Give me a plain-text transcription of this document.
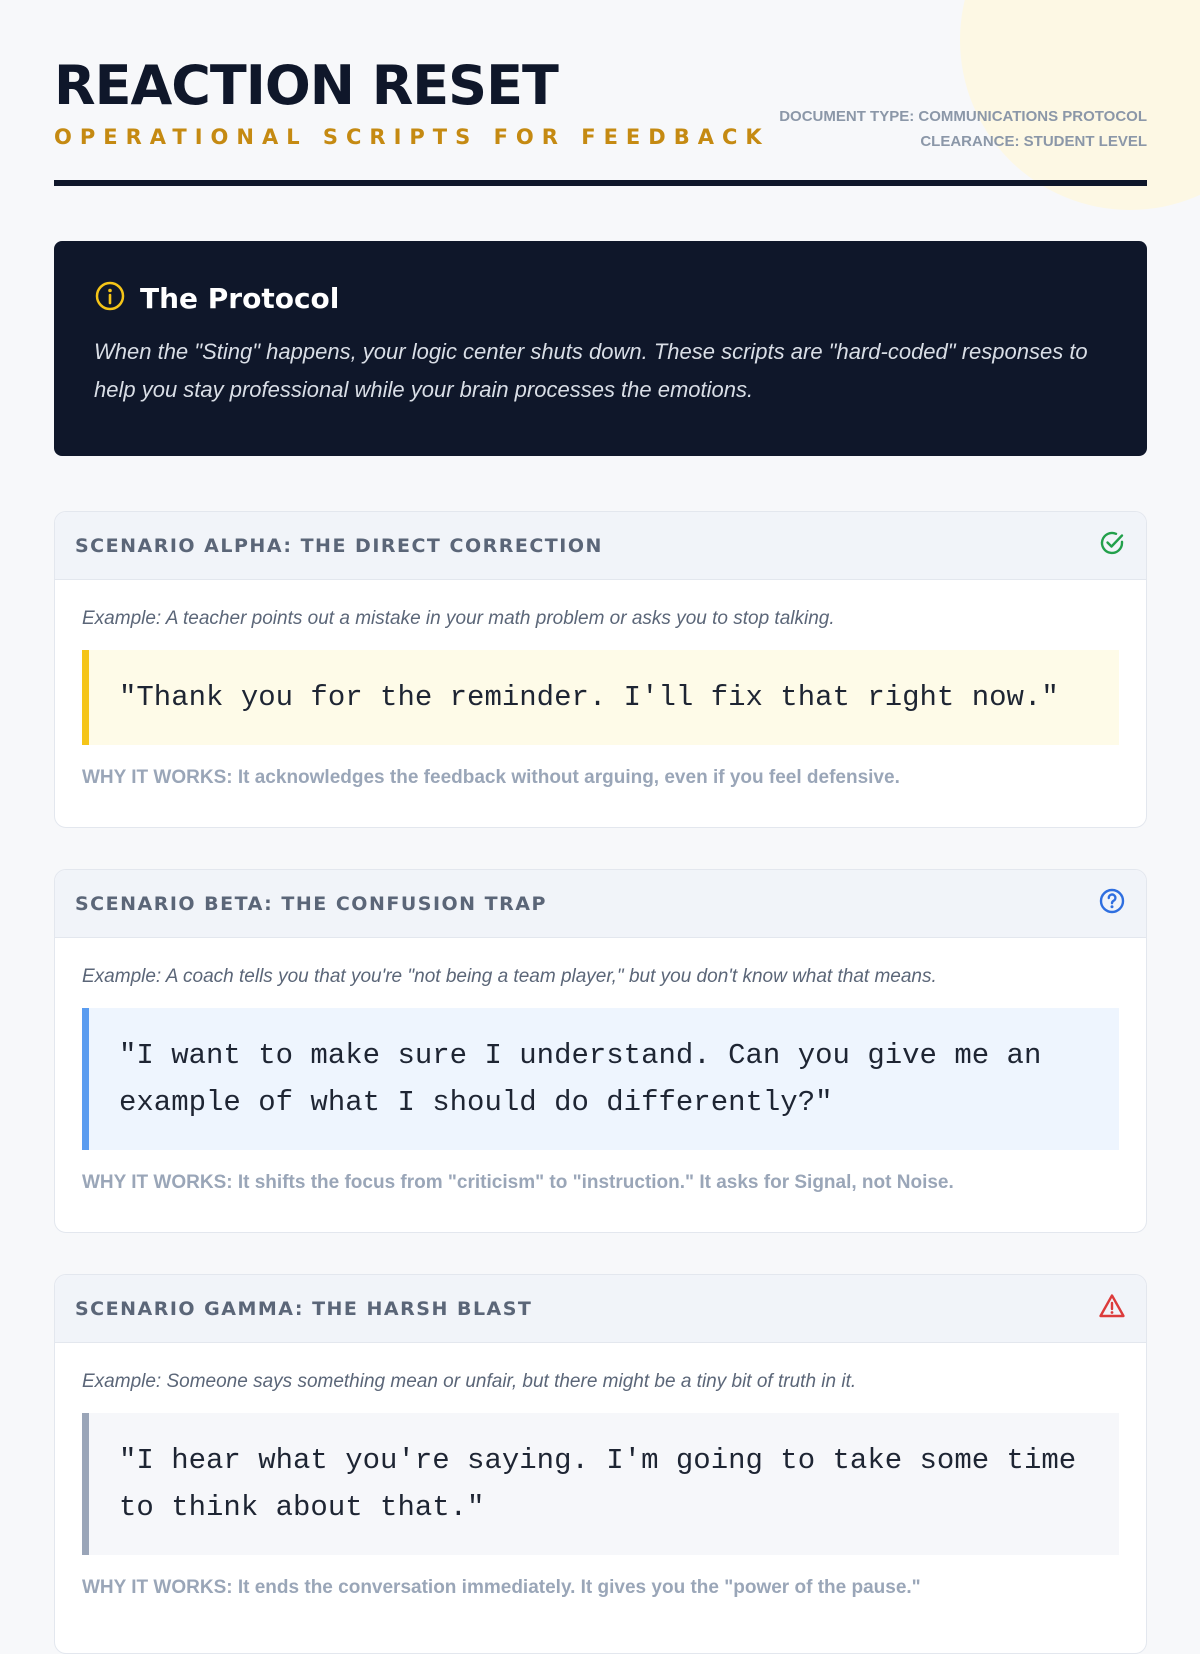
REACTION RESET
OPERATIONAL SCRIPTS FOR FEEDBACK
DOCUMENT TYPE: COMMUNICATIONS PROTOCOL
CLEARANCE: STUDENT LEVEL
The Protocol
When the "Sting" happens, your logic center shuts down. These scripts are "hard-coded" responses to help you stay professional while your brain processes the emotions.
SCENARIO ALPHA: THE DIRECT CORRECTION
Example: A teacher points out a mistake in your math problem or asks you to stop talking.
"Thank you for the reminder. I'll fix that right now."
WHY IT WORKS: It acknowledges the feedback without arguing, even if you feel defensive.
SCENARIO BETA: THE CONFUSION TRAP
Example: A coach tells you that you're "not being a team player," but you don't know what that means.
"I want to make sure I understand. Can you give me an example of what I should do differently?"
WHY IT WORKS: It shifts the focus from "criticism" to "instruction." It asks for Signal, not Noise.
SCENARIO GAMMA: THE HARSH BLAST
Example: Someone says something mean or unfair, but there might be a tiny bit of truth in it.
"I hear what you're saying. I'm going to take some time to think about that."
WHY IT WORKS: It ends the conversation immediately. It gives you the "power of the pause."
